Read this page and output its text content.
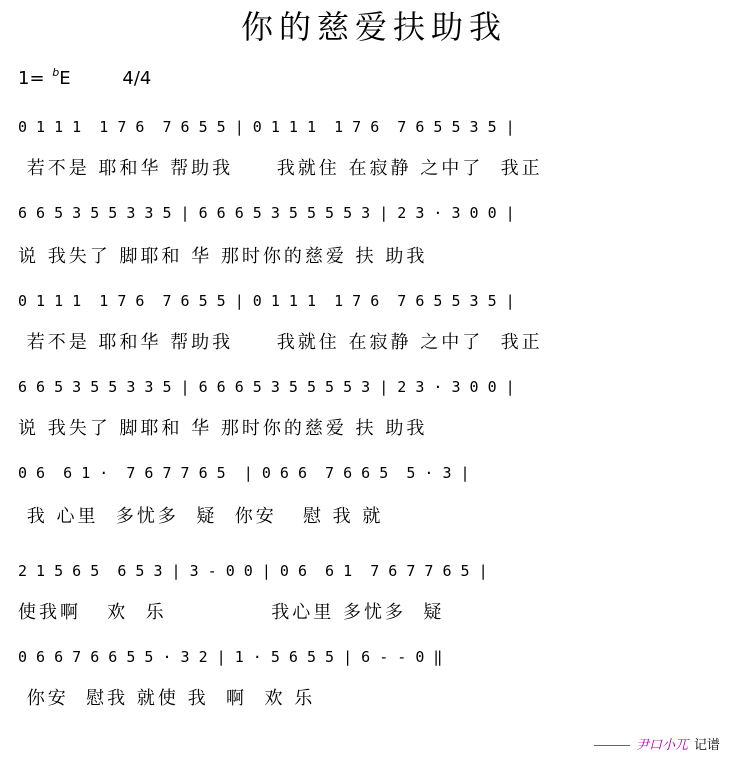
你的慈爱扶助我
1= $^b$E	4/4
0 1 1 1  1 7 6  7 6 5 5 | 0 1 1 1  1 7 6  7 6 5 5 3 5 |
若不是 耶和华 帮助我     我就住 在寂静 之中了  我正
6 6 5 3 5 5 3 3 5 | 6 6 6 5 3 5 5 5 5 3 | 2 3 · 3 0 0 |
说 我失了 脚耶和 华 那时你的慈爱 扶 助我
0 1 1 1  1 7 6  7 6 5 5 | 0 1 1 1  1 7 6  7 6 5 5 3 5 |
若不是 耶和华 帮助我     我就住 在寂静 之中了  我正
6 6 5 3 5 5 3 3 5 | 6 6 6 5 3 5 5 5 5 3 | 2 3 · 3 0 0 |
说 我失了 脚耶和 华 那时你的慈爱 扶 助我
0 6  6 1 ·  7 6 7 7 6 5  | 0 6 6  7 6 6 5  5 · 3 |
我 心里  多忧多  疑  你安   慰 我 就
2 1 5 6 5  6 5 3 | 3 - 0 0 | 0 6  6 1  7 6 7 7 6 5 |
使我啊   欢  乐            我心里 多忧多  疑
0 6 6 7 6 6 5 5 · 3 2 | 1 · 5 6 5 5 | 6 - - 0 ‖
你安  慰我 就使 我  啊  欢 乐
尹口小兀 记谱
